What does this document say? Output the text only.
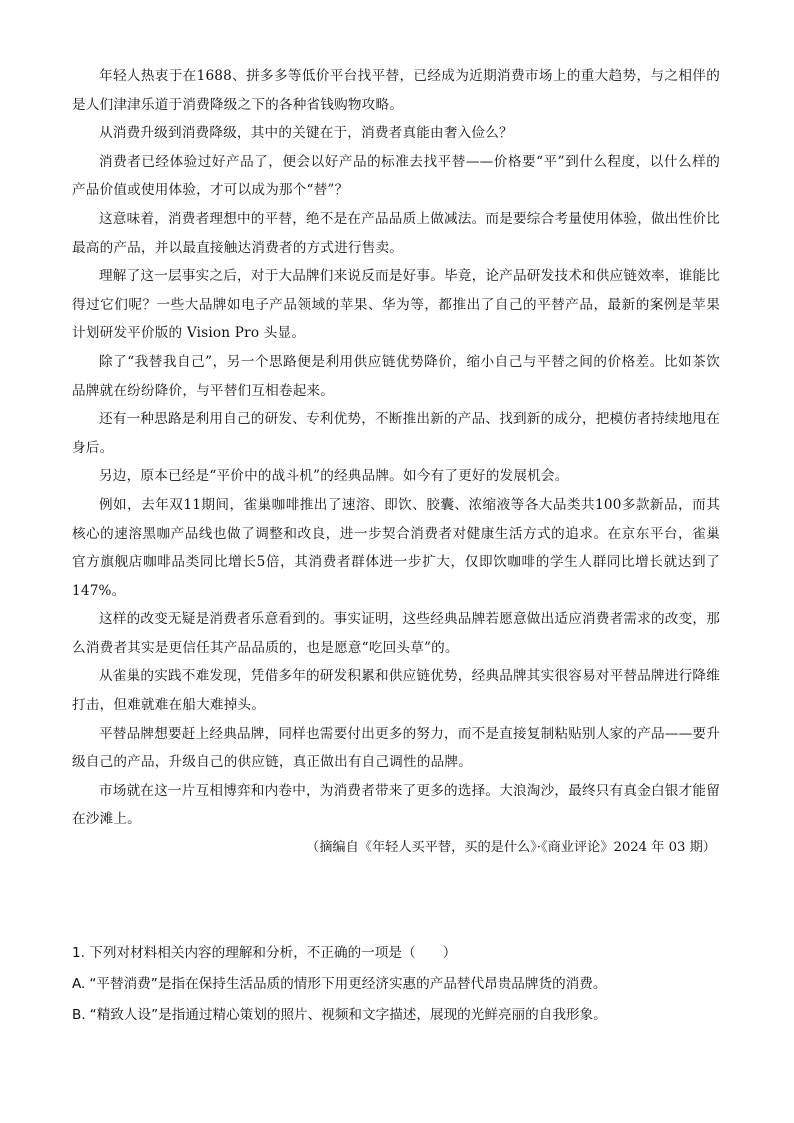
年轻人热衷于在1688、拼多多等低价平台找平替，已经成为近期消费市场上的重大趋势，与之相伴的是人们津津乐道于消费降级之下的各种省钱购物攻略。

从消费升级到消费降级，其中的关键在于，消费者真能由奢入俭么？

消费者已经体验过好产品了，便会以好产品的标准去找平替——价格要“平”到什么程度，以什么样的产品价值或使用体验，才可以成为那个“替”？

这意味着，消费者理想中的平替，绝不是在产品品质上做减法。而是要综合考量使用体验，做出性价比最高的产品，并以最直接触达消费者的方式进行售卖。

理解了这一层事实之后，对于大品牌们来说反而是好事。毕竟，论产品研发技术和供应链效率，谁能比得过它们呢？一些大品牌如电子产品领域的苹果、华为等，都推出了自己的平替产品，最新的案例是苹果计划研发平价版的 Vision Pro 头显。

除了“我替我自己”，另一个思路便是利用供应链优势降价，缩小自己与平替之间的价格差。比如茶饮品牌就在纷纷降价，与平替们互相卷起来。

还有一种思路是利用自己的研发、专利优势，不断推出新的产品、找到新的成分，把模仿者持续地甩在身后。

另边，原本已经是“平价中的战斗机”的经典品牌。如今有了更好的发展机会。

例如，去年双11期间，雀巢咖啡推出了速溶、即饮、胶囊、浓缩液等各大品类共100多款新品，而其核心的速溶黑咖产品线也做了调整和改良，进一步契合消费者对健康生活方式的追求。在京东平台，雀巢官方旗舰店咖啡品类同比增长5倍，其消费者群体进一步扩大，仅即饮咖啡的学生人群同比增长就达到了147%。

这样的改变无疑是消费者乐意看到的。事实证明，这些经典品牌若愿意做出适应消费者需求的改变，那么消费者其实是更信任其产品品质的，也是愿意“吃回头草”的。

从雀巢的实践不难发现，凭借多年的研发积累和供应链优势，经典品牌其实很容易对平替品牌进行降维打击，但难就难在船大难掉头。

平替品牌想要赶上经典品牌，同样也需要付出更多的努力，而不是直接复制粘贴别人家的产品——要升级自己的产品，升级自己的供应链，真正做出有自己调性的品牌。

市场就在这一片互相博弈和内卷中，为消费者带来了更多的选择。大浪淘沙，最终只有真金白银才能留在沙滩上。

（摘编自《年轻人买平替，买的是什么》·《商业评论》2024 年 03 期）

1. 下列对材料相关内容的理解和分析，不正确的一项是（　　）

A. “平替消费”是指在保持生活品质的情形下用更经济实惠的产品替代昂贵品牌货的消费。

B. “精致人设”是指通过精心策划的照片、视频和文字描述，展现的光鲜亮丽的自我形象。
